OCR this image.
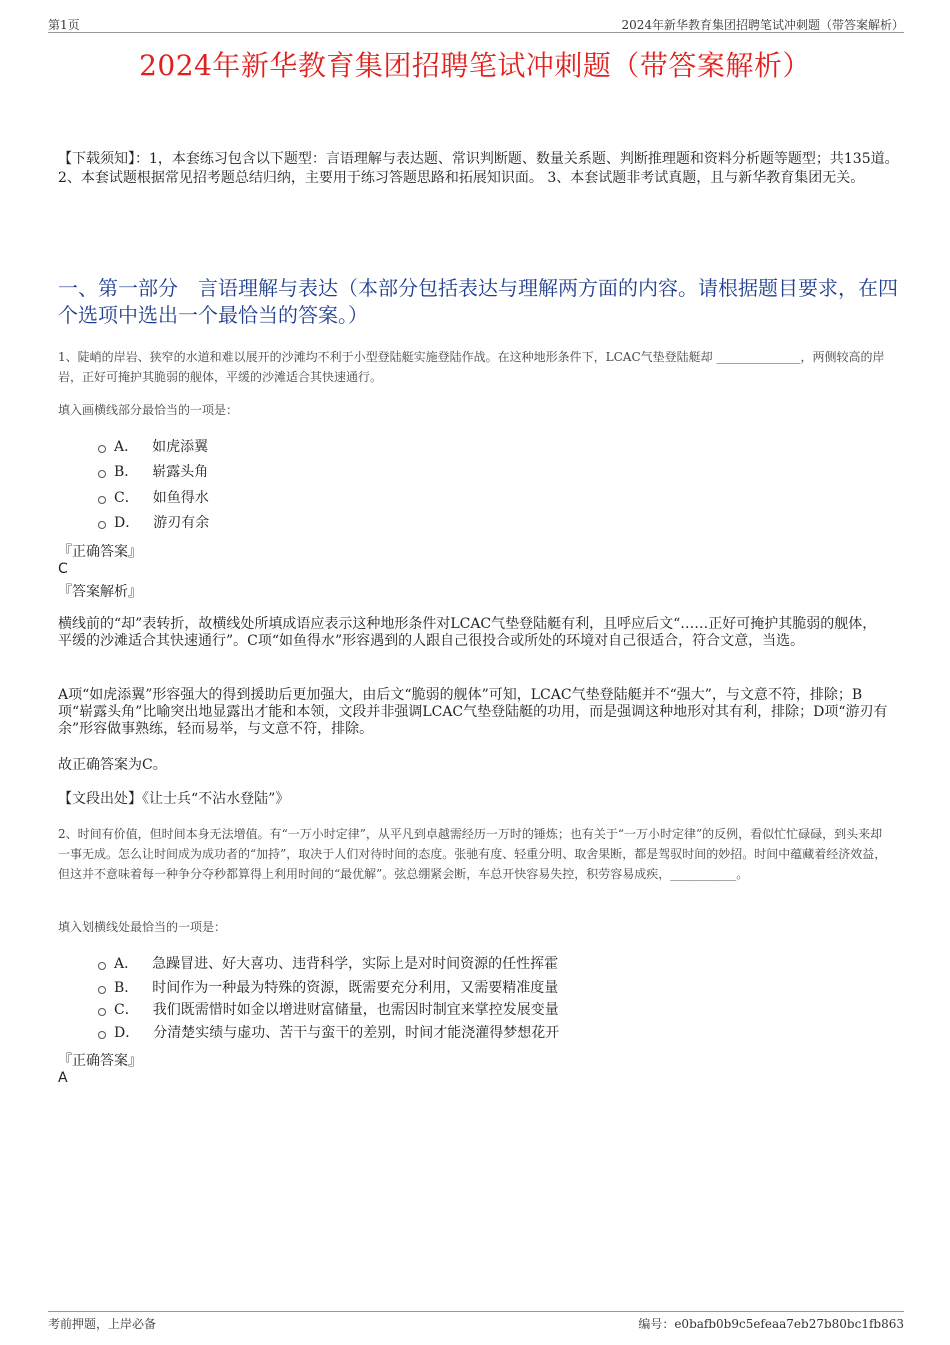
第1页	2024年新华教育集团招聘笔试冲刺题（带答案解析）
2024年新华教育集团招聘笔试冲刺题（带答案解析）
【下载须知】：1，本套练习包含以下题型：言语理解与表达题、常识判断题、数量关系题、判断推理题和资料分析题等题型；共135道。 2、本套试题根据常见招考题总结归纳，主要用于练习答题思路和拓展知识面。 3、本套试题非考试真题，且与新华教育集团无关。
一、第一部分　言语理解与表达（本部分包括表达与理解两方面的内容。请根据题目要求，在四个选项中选出一个最恰当的答案。）
1、陡峭的岸岩、狭窄的水道和难以展开的沙滩均不利于小型登陆艇实施登陆作战。在这种地形条件下，LCAC气垫登陆艇却 ______________，两侧较高的岸岩，正好可掩护其脆弱的舰体，平缓的沙滩适合其快速通行。
填入画横线部分最恰当的一项是：
A． 如虎添翼
B． 崭露头角
C． 如鱼得水
D． 游刃有余
『正确答案』
C
『答案解析』
横线前的“却”表转折，故横线处所填成语应表示这种地形条件对LCAC气垫登陆艇有利，且呼应后文“……正好可掩护其脆弱的舰体，平缓的沙滩适合其快速通行”。C项“如鱼得水”形容遇到的人跟自己很投合或所处的环境对自己很适合，符合文意，当选。
A项“如虎添翼”形容强大的得到援助后更加强大，由后文“脆弱的舰体”可知，LCAC气垫登陆艇并不“强大”，与文意不符，排除；B项“崭露头角”比喻突出地显露出才能和本领，文段并非强调LCAC气垫登陆艇的功用，而是强调这种地形对其有利，排除；D项“游刃有余”形容做事熟练，轻而易举，与文意不符，排除。
故正确答案为C。
【文段出处】《让士兵“不沾水登陆”》
2、时间有价值，但时间本身无法增值。有“一万小时定律”，从平凡到卓越需经历一万时的锤炼；也有关于“一万小时定律”的反例，看似忙忙碌碌，到头来却一事无成。怎么让时间成为成功者的“加持”，取决于人们对待时间的态度。张驰有度、轻重分明、取舍果断，都是驾驭时间的妙招。时间中蕴藏着经济效益，但这并不意味着每一种争分夺秒都算得上利用时间的“最优解”。弦总绷紧会断，车总开快容易失控，积劳容易成疾，___________。
填入划横线处最恰当的一项是：
A． 急躁冒进、好大喜功、违背科学，实际上是对时间资源的任性挥霍
B． 时间作为一种最为特殊的资源，既需要充分利用，又需要精准度量
C． 我们既需惜时如金以增进财富储量，也需因时制宜来掌控发展变量
D． 分清楚实绩与虚功、苦干与蛮干的差别，时间才能浇灌得梦想花开
『正确答案』
A
考前押题，上岸必备	编号：e0bafb0b9c5efeaa7eb27b80bc1fb863
